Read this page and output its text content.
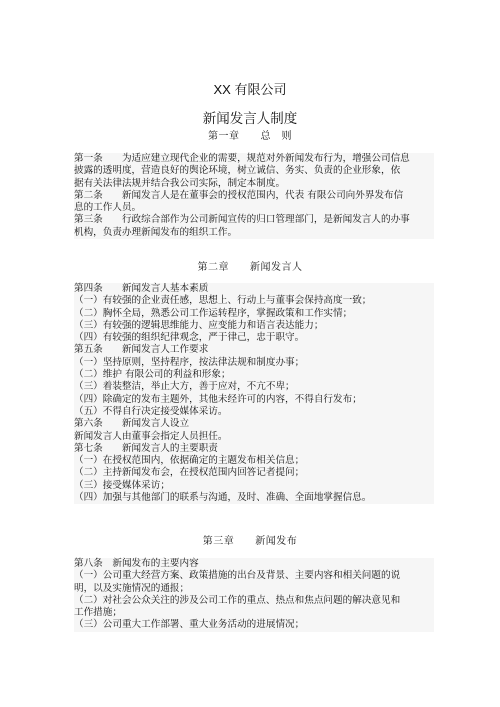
XX 有限公司
新闻发言人制度
第一章　　总　则
第一条　　为适应建立现代企业的需要，规范对外新闻发布行为，增强公司信息
披露的透明度，营造良好的舆论环境，树立诚信、务实、负责的企业形象，依
据有关法律法规并结合我公司实际，制定本制度。
第二条　　新闻发言人是在董事会的授权范围内，代表 有限公司向外界发布信
息的工作人员。
第三条　　行政综合部作为公司新闻宣传的归口管理部门，是新闻发言人的办事
机构，负责办理新闻发布的组织工作。
第二章　　新闻发言人
第四条　　新闻发言人基本素质
（一）有较强的企业责任感，思想上、行动上与董事会保持高度一致；
（二）胸怀全局，熟悉公司工作运转程序，掌握政策和工作实情；
（三）有较强的逻辑思维能力、应变能力和语言表达能力；
（四）有较强的组织纪律观念，严于律己，忠于职守。
第五条　　新闻发言人工作要求
（一）坚持原则，坚持程序，按法律法规和制度办事；
（二）维护 有限公司的利益和形象；
（三）着装整洁，举止大方，善于应对，不亢不卑；
（四）除确定的发布主题外，其他未经许可的内容，不得自行发布；
（五）不得自行决定接受媒体采访。
第六条　　新闻发言人设立
新闻发言人由董事会指定人员担任。
第七条　　新闻发言人的主要职责
（一）在授权范围内，依据确定的主题发布相关信息；
（二）主持新闻发布会，在授权范围内回答记者提问；
（三）接受媒体采访；
（四）加强与其他部门的联系与沟通，及时、准确、全面地掌握信息。
第三章　　新闻发布
第八条　新闻发布的主要内容
（一）公司重大经营方案、政策措施的出台及背景、主要内容和相关问题的说
明，以及实施情况的通报；
（二）对社会公众关注的涉及公司工作的重点、热点和焦点问题的解决意见和
工作措施；
（三）公司重大工作部署、重大业务活动的进展情况；
